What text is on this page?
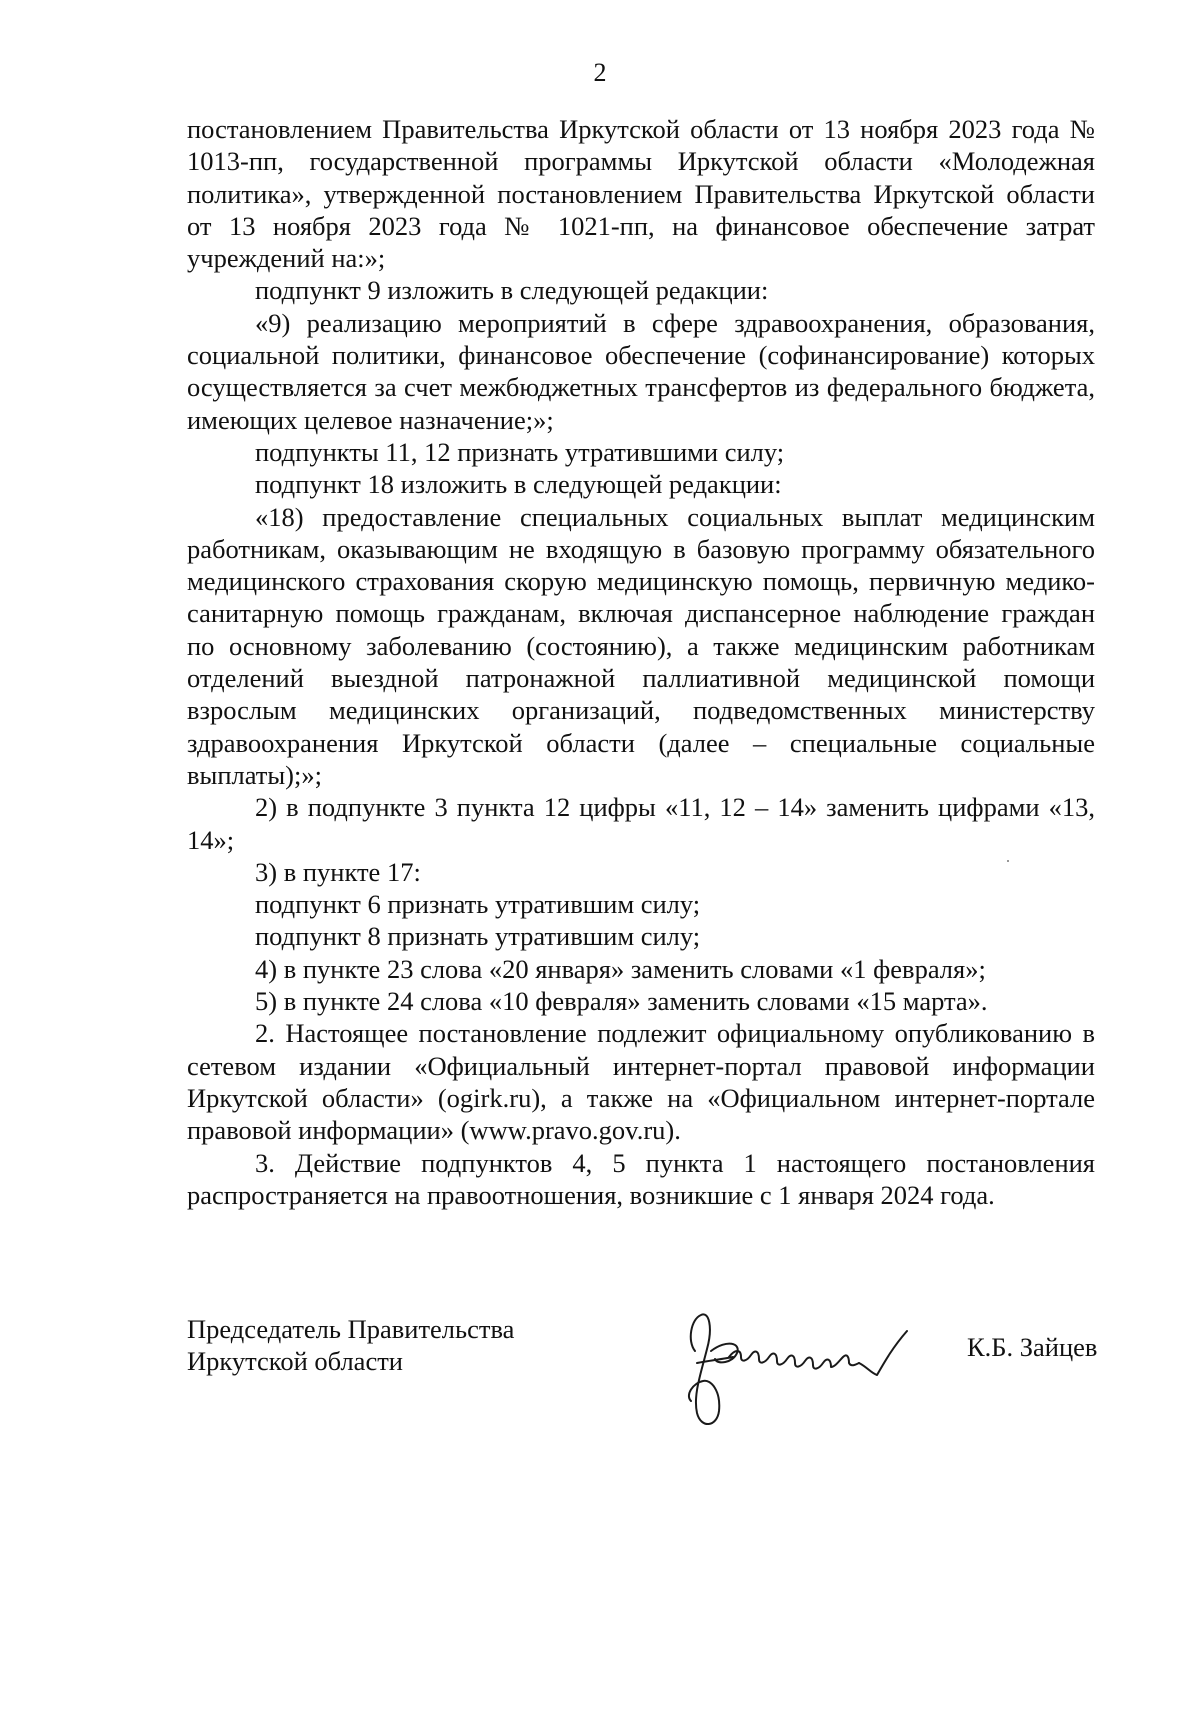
2

постановлением Правительства Иркутской области от 13 ноября 2023 года № 1013-пп, государственной программы Иркутской области «Молодежная политика», утвержденной постановлением Правительства Иркутской области от 13 ноября 2023 года № 1021-пп, на финансовое обеспечение затрат учреждений на:»;

подпункт 9 изложить в следующей редакции:

«9) реализацию мероприятий в сфере здравоохранения, образования, социальной политики, финансовое обеспечение (софинансирование) которых осуществляется за счет межбюджетных трансфертов из федерального бюджета, имеющих целевое назначение;»;

подпункты 11, 12 признать утратившими силу;

подпункт 18 изложить в следующей редакции:

«18) предоставление специальных социальных выплат медицинским работникам, оказывающим не входящую в базовую программу обязательного медицинского страхования скорую медицинскую помощь, первичную медико-санитарную помощь гражданам, включая диспансерное наблюдение граждан по основному заболеванию (состоянию), а также медицинским работникам отделений выездной патронажной паллиативной медицинской помощи взрослым медицинских организаций, подведомственных министерству здравоохранения Иркутской области (далее – специальные социальные выплаты);»;

2) в подпункте 3 пункта 12 цифры «11, 12 – 14» заменить цифрами «13, 14»;

3) в пункте 17:

подпункт 6 признать утратившим силу;

подпункт 8 признать утратившим силу;

4) в пункте 23 слова «20 января» заменить словами «1 февраля»;

5) в пункте 24 слова «10 февраля» заменить словами «15 марта».

2. Настоящее постановление подлежит официальному опубликованию в сетевом издании «Официальный интернет-портал правовой информации Иркутской области» (ogirk.ru), а также на «Официальном интернет-портале правовой информации» (www.pravo.gov.ru).

3. Действие подпунктов 4, 5 пункта 1 настоящего постановления распространяется на правоотношения, возникшие с 1 января 2024 года.

Председатель Правительства
Иркутской области	К.Б. Зайцев
